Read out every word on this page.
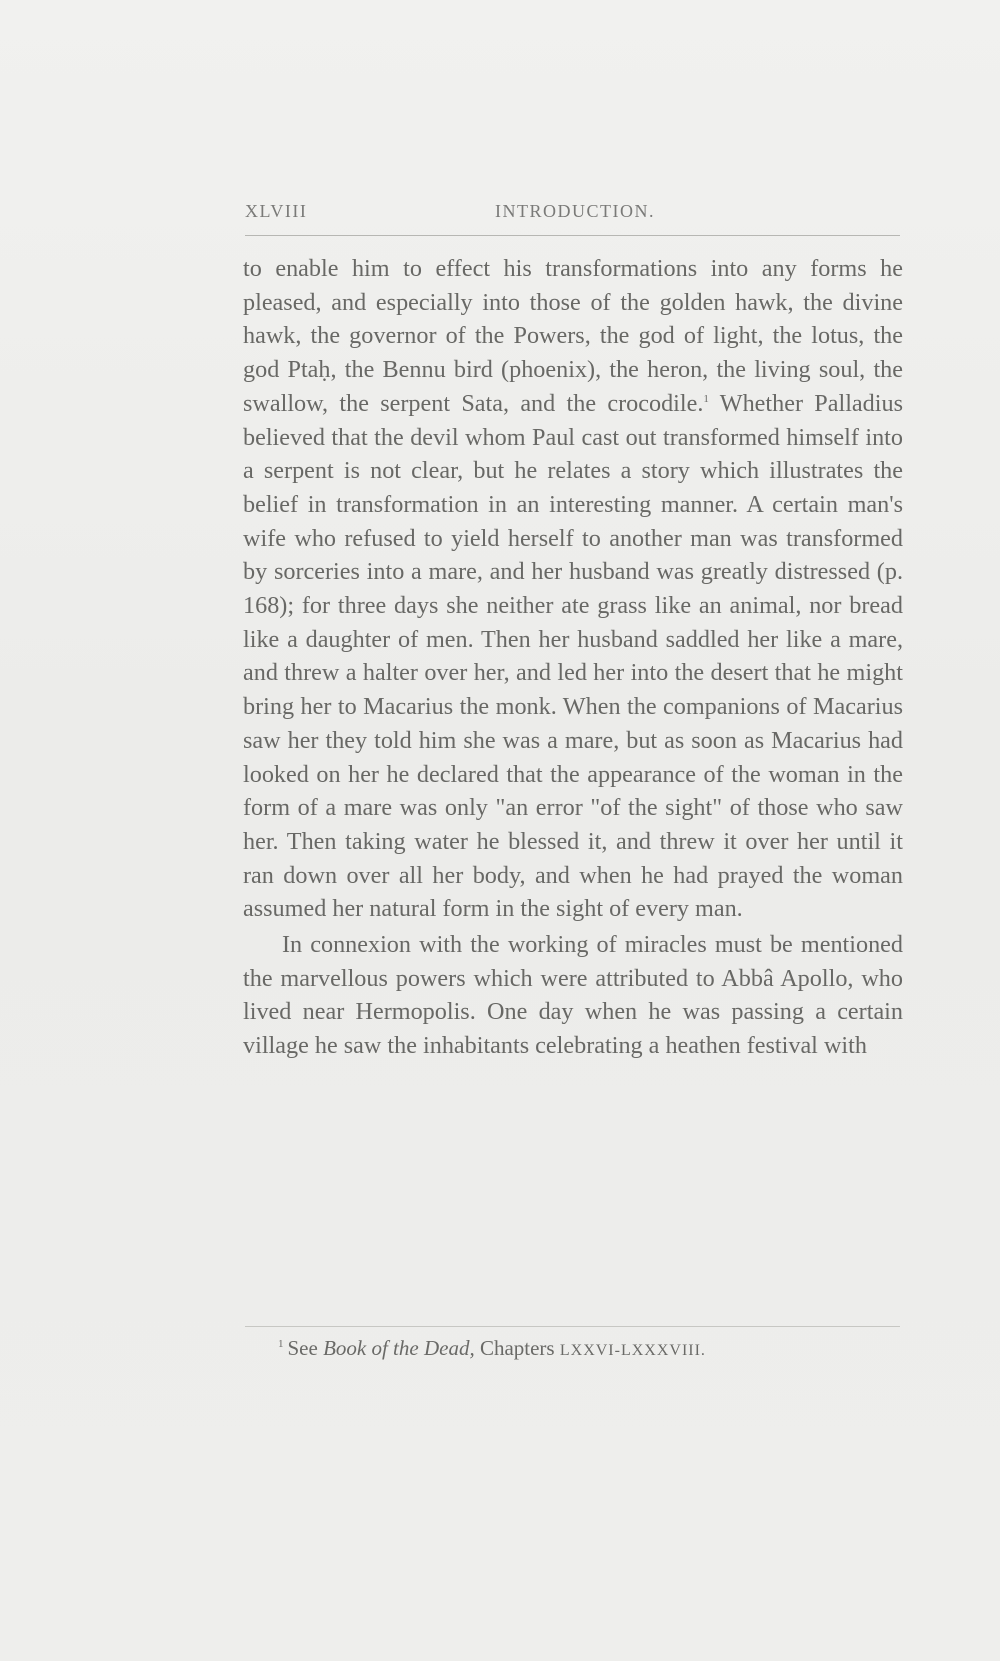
XLVIII	INTRODUCTION.

to enable him to effect his transformations into any forms he pleased, and especially into those of the golden hawk, the divine hawk, the governor of the Powers, the god of light, the lotus, the god Ptaḥ, the Bennu bird (phoenix), the heron, the living soul, the swallow, the serpent Sata, and the crocodile.$^1$ Whether Palladius believed that the devil whom Paul cast out transformed himself into a serpent is not clear, but he relates a story which illustrates the belief in transformation in an interesting manner. A certain man's wife who refused to yield herself to another man was transformed by sorceries into a mare, and her husband was greatly distressed (p. 168); for three days she neither ate grass like an animal, nor bread like a daughter of men. Then her husband saddled her like a mare, and threw a halter over her, and led her into the desert that he might bring her to Macarius the monk. When the companions of Macarius saw her they told him she was a mare, but as soon as Macarius had looked on her he declared that the appearance of the woman in the form of a mare was only "an error "of the sight" of those who saw her. Then taking water he blessed it, and threw it over her until it ran down over all her body, and when he had prayed the woman assumed her natural form in the sight of every man.

In connexion with the working of miracles must be mentioned the marvellous powers which were attributed to Abbâ Apollo, who lived near Hermopolis. One day when he was passing a certain village he saw the inhabitants celebrating a heathen festival with

$^1$ See Book of the Dead, Chapters LXXVI-LXXXVIII.
